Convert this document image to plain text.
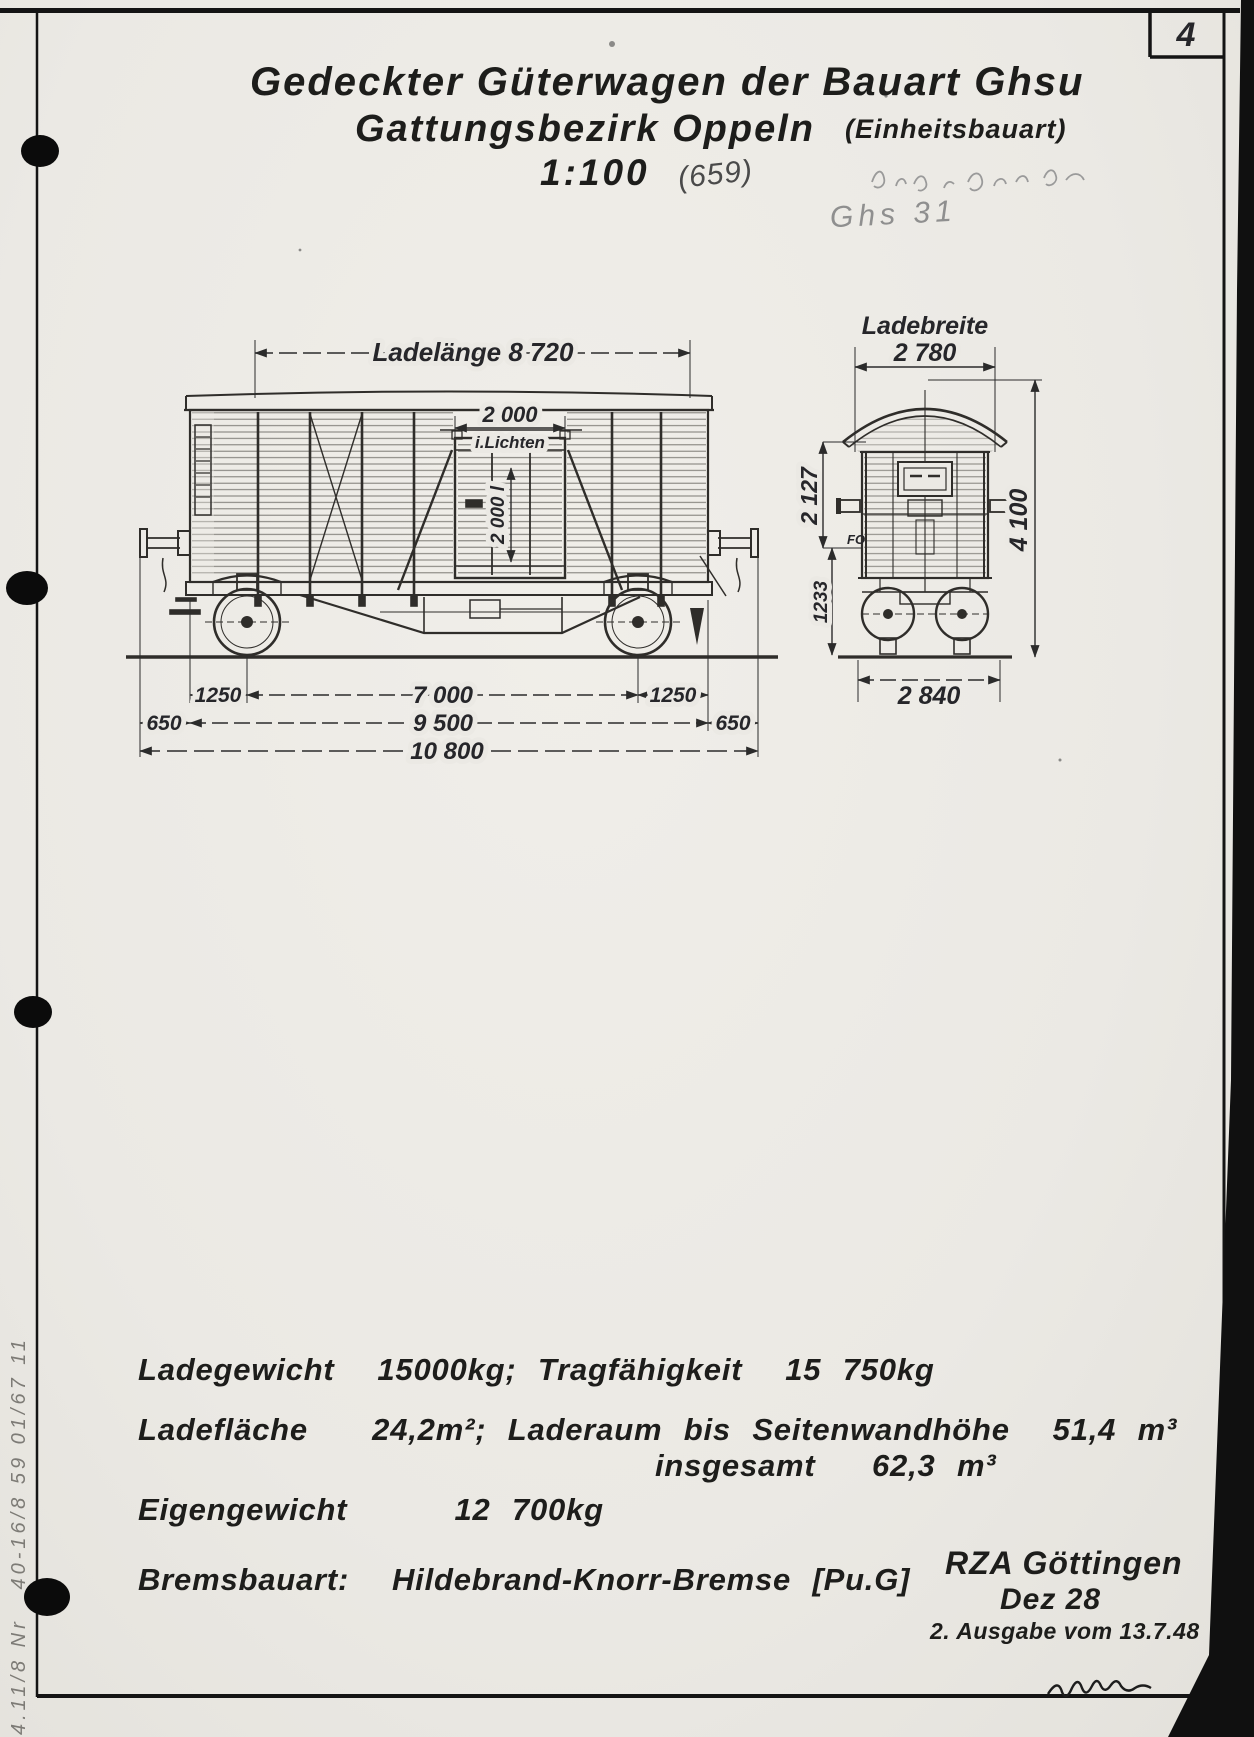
4
Ladelänge 8 720
2 000
i.Lichten
2 000 l
1250	7 000	1250
650	9 500	650
10 800
Ladebreite
2 780
4 100
2 127
1233
FO
2 840
Gedeckter Güterwagen der Bauart Ghsu
Gattungsbezirk Oppeln (Einheitsbauart)
1:100 (659)
Ghs 31
Ladegewicht  15000kg; Tragfähigkeit  15 750kg
Ladefläche   24,2m²; Laderaum bis Seitenwandhöhe  51,4 m³
insgesamt 62,3 m³
Eigengewicht     12 700kg
Bremsbauart:  Hildebrand-Knorr-Bremse [Pu.G] RZA Göttingen
Dez 28
2. Ausgabe vom 13.7.48
4.11/8 Nr   40-16/8 59 01/67 11
